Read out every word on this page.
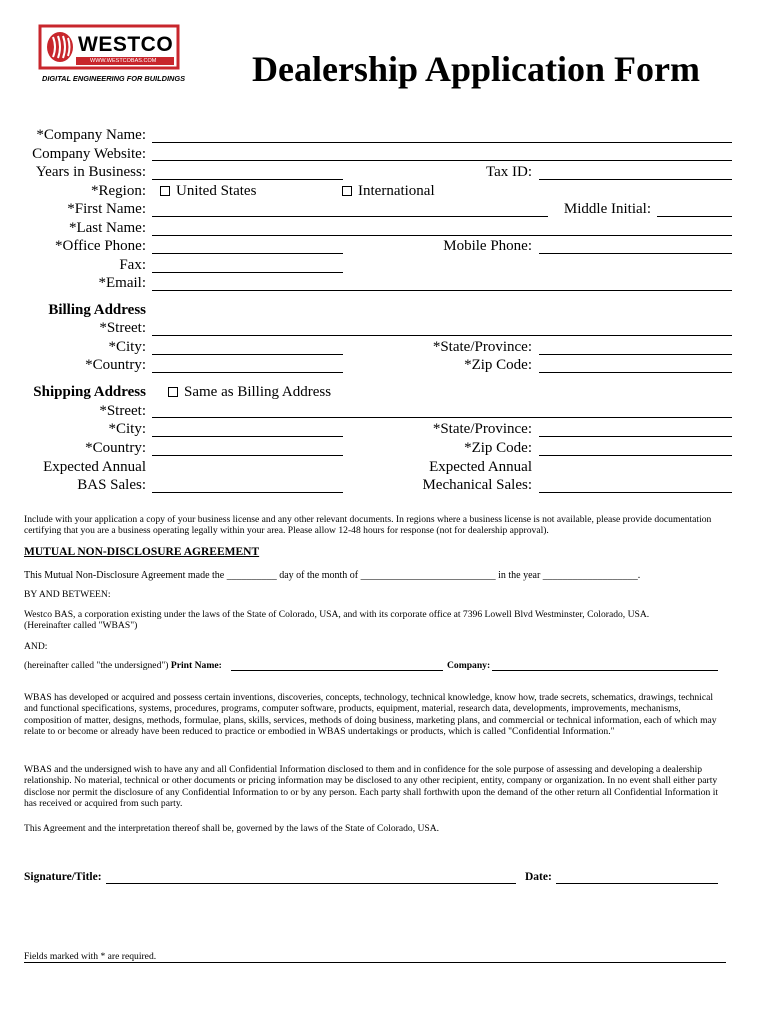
WESTCO
WWW.WESTCOBAS.COM
DIGITAL ENGINEERING FOR BUILDINGS Dealership Application Form
*Company Name:
Company Website:
Years in Business:	Tax ID:
*Region:	United States	International
*First Name:	Middle Initial:
*Last Name:
*Office Phone:	Mobile Phone:
Fax:
*Email:
Billing Address
*Street:
*City:	*State/Province:
*Country:	*Zip Code:
Shipping Address	Same as Billing Address
*Street:
*City:	*State/Province:
*Country:	*Zip Code:
Expected Annual
BAS Sales:
Expected Annual
Mechanical Sales:
Include with your application a copy of your business license and any other relevant documents. In regions where a business license is not available, please provide documentation certifying that you are a business operating legally within your area. Please allow 12-48 hours for response (not for dealership approval).
MUTUAL NON-DISCLOSURE AGREEMENT
This Mutual Non-Disclosure Agreement made the __________ day of the month of ___________________________ in the year ___________________.
BY AND BETWEEN:
Westco BAS, a corporation existing under the laws of the State of Colorado, USA, and with its corporate office at 7396 Lowell Blvd Westminster, Colorado, USA. (Hereinafter called "WBAS")
AND:
(hereinafter called "the undersigned") Print Name:	Company:
WBAS has developed or acquired and possess certain inventions, discoveries, concepts, technology, technical knowledge, know how, trade secrets, schematics, drawings, technical and functional specifications, systems, procedures, programs, computer software, products, equipment, material, research data, developments, improvements, mechanisms, composition of matter, designs, methods, formulae, plans, skills, services, methods of doing business, marketing plans, and commercial or technical information, each of which may relate to or become or already have been reduced to practice or embodied in WBAS undertakings or products, which is called "Confidential Information."
WBAS and the undersigned wish to have any and all Confidential Information disclosed to them and in confidence for the sole purpose of assessing and developing a dealership relationship. No material, technical or other documents or pricing information may be disclosed to any other recipient, entity, company or organization. In no event shall either party disclose nor permit the disclosure of any Confidential Information to or by any person. Each party shall forthwith upon the demand of the other return all Confidential Information it has received or acquired from such party.
This Agreement and the interpretation thereof shall be, governed by the laws of the State of Colorado, USA.
Signature/Title:	Date:
Fields marked with * are required.
